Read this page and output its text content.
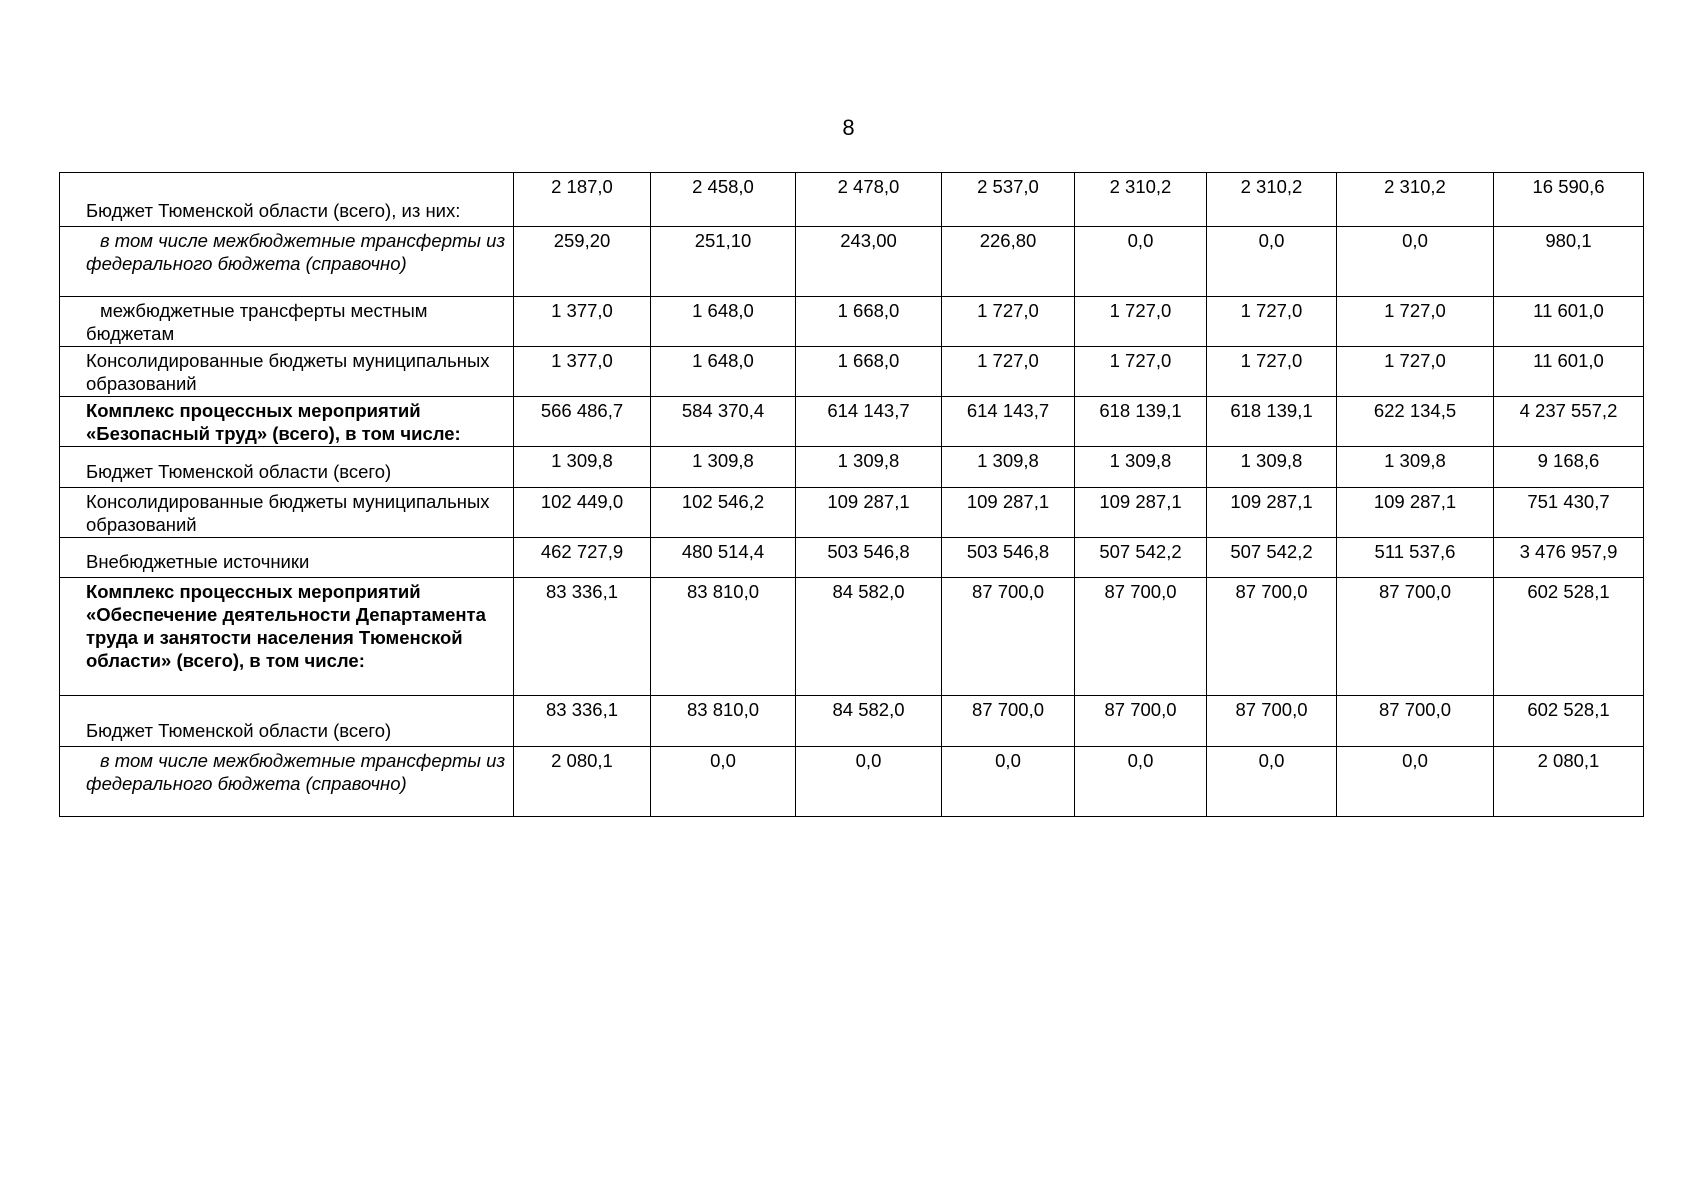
8
Бюджет Тюменской области (всего), из них:	2 187,0	2 458,0	2 478,0	2 537,0	2 310,2	2 310,2	2 310,2	16 590,6
в том числе межбюджетные трансферты из федерального бюджета (справочно)	259,20	251,10	243,00	226,80	0,0	0,0	0,0	980,1
межбюджетные трансферты местным бюджетам	1 377,0	1 648,0	1 668,0	1 727,0	1 727,0	1 727,0	1 727,0	11 601,0
Консолидированные бюджеты муниципальных образований	1 377,0	1 648,0	1 668,0	1 727,0	1 727,0	1 727,0	1 727,0	11 601,0
Комплекс процессных мероприятий «Безопасный труд» (всего), в том числе:	566 486,7	584 370,4	614 143,7	614 143,7	618 139,1	618 139,1	622 134,5	4 237 557,2
Бюджет Тюменской области (всего)	1 309,8	1 309,8	1 309,8	1 309,8	1 309,8	1 309,8	1 309,8	9 168,6
Консолидированные бюджеты муниципальных образований	102 449,0	102 546,2	109 287,1	109 287,1	109 287,1	109 287,1	109 287,1	751 430,7
Внебюджетные источники	462 727,9	480 514,4	503 546,8	503 546,8	507 542,2	507 542,2	511 537,6	3 476 957,9
Комплекс процессных мероприятий «Обеспечение деятельности Департамента труда и занятости населения Тюменской области» (всего), в том числе:	83 336,1	83 810,0	84 582,0	87 700,0	87 700,0	87 700,0	87 700,0	602 528,1
Бюджет Тюменской области (всего)	83 336,1	83 810,0	84 582,0	87 700,0	87 700,0	87 700,0	87 700,0	602 528,1
в том числе межбюджетные трансферты из федерального бюджета (справочно)	2 080,1	0,0	0,0	0,0	0,0	0,0	0,0	2 080,1
